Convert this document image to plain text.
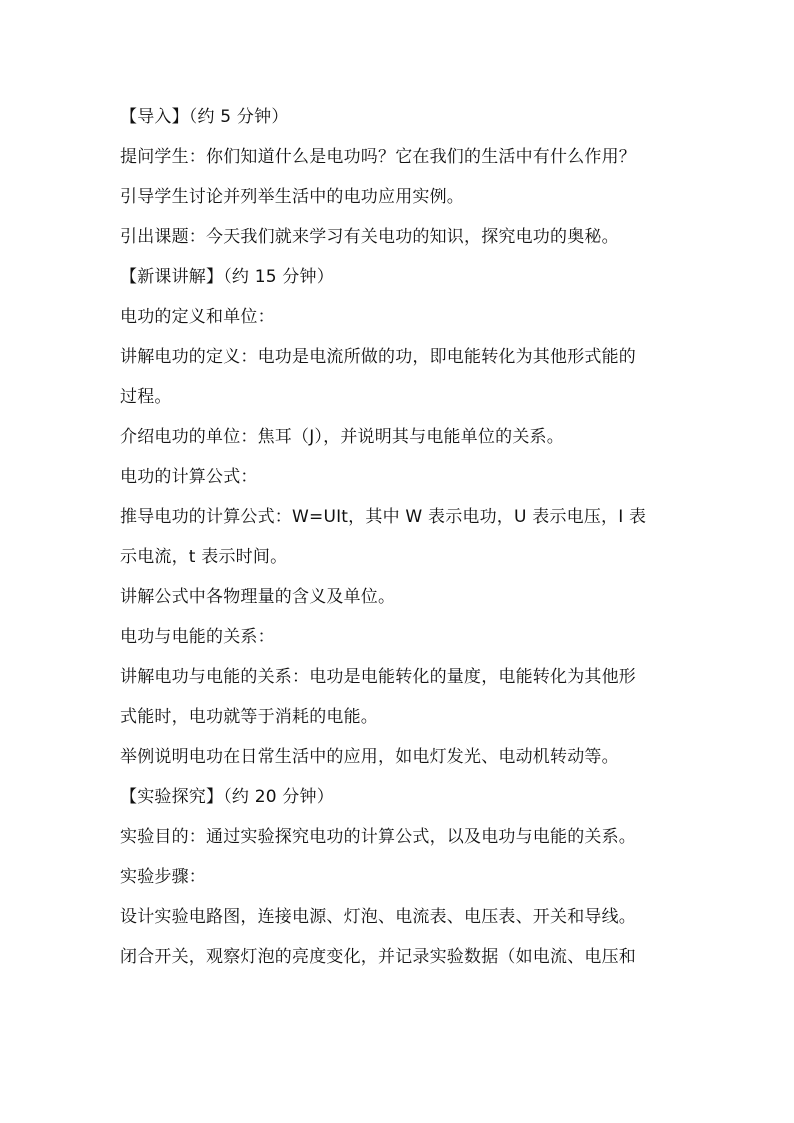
【导入】（约 5 分钟）

提问学生：你们知道什么是电功吗？它在我们的生活中有什么作用？

引导学生讨论并列举生活中的电功应用实例。

引出课题：今天我们就来学习有关电功的知识，探究电功的奥秘。

【新课讲解】（约 15 分钟）

电功的定义和单位：

讲解电功的定义：电功是电流所做的功，即电能转化为其他形式能的

过程。

介绍电功的单位：焦耳（J），并说明其与电能单位的关系。

电功的计算公式：

推导电功的计算公式：W=UIt，其中 W 表示电功，U 表示电压，I 表

示电流，t 表示时间。

讲解公式中各物理量的含义及单位。

电功与电能的关系：

讲解电功与电能的关系：电功是电能转化的量度，电能转化为其他形

式能时，电功就等于消耗的电能。

举例说明电功在日常生活中的应用，如电灯发光、电动机转动等。

【实验探究】（约 20 分钟）

实验目的：通过实验探究电功的计算公式，以及电功与电能的关系。

实验步骤：

设计实验电路图，连接电源、灯泡、电流表、电压表、开关和导线。

闭合开关，观察灯泡的亮度变化，并记录实验数据（如电流、电压和
